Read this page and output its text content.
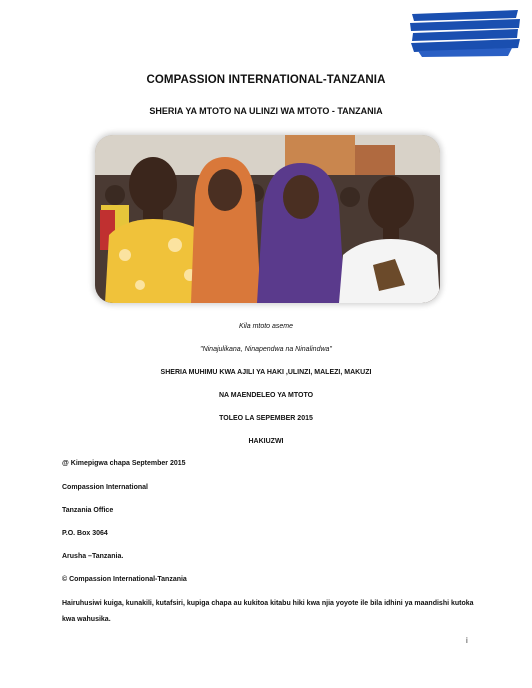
COMPASSION INTERNATIONAL-TANZANIA
SHERIA YA MTOTO NA ULINZI WA MTOTO - TANZANIA

Kila mtoto aseme

"Ninajulikana, Ninapendwa na Ninalindwa"

SHERIA MUHIMU KWA AJILI YA HAKI ,ULINZI, MALEZI, MAKUZI

NA MAENDELEO YA MTOTO

TOLEO LA SEPEMBER 2015

HAKIUZWI

@ Kimepigwa chapa September 2015

Compassion International

Tanzania Office

P.O. Box 3064

Arusha –Tanzania.

© Compassion International-Tanzania

Hairuhusiwi kuiga, kunakili, kutafsiri, kupiga chapa au kukitoa kitabu hiki kwa njia yoyote ile bila idhini ya maandishi kutoka kwa wahusika.

i
